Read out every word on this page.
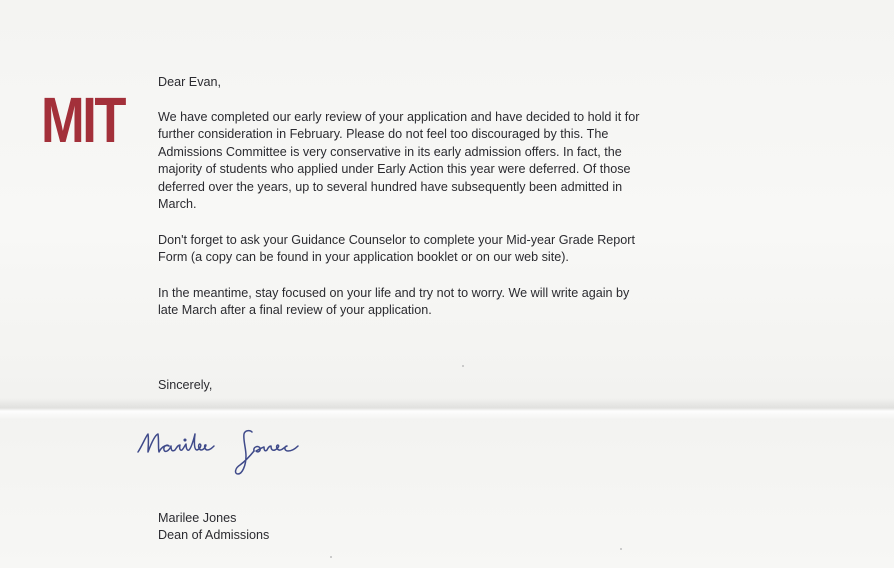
MIT

Dear Evan,

We have completed our early review of your application and have decided to hold it for
further consideration in February. Please do not feel too discouraged by this. The
Admissions Committee is very conservative in its early admission offers. In fact, the
majority of students who applied under Early Action this year were deferred. Of those
deferred over the years, up to several hundred have subsequently been admitted in
March.

Don't forget to ask your Guidance Counselor to complete your Mid-year Grade Report
Form (a copy can be found in your application booklet or on our web site).

In the meantime, stay focused on your life and try not to worry. We will write again by
late March after a final review of your application.

Sincerely,
Marilee Jones
Dean of Admissions
